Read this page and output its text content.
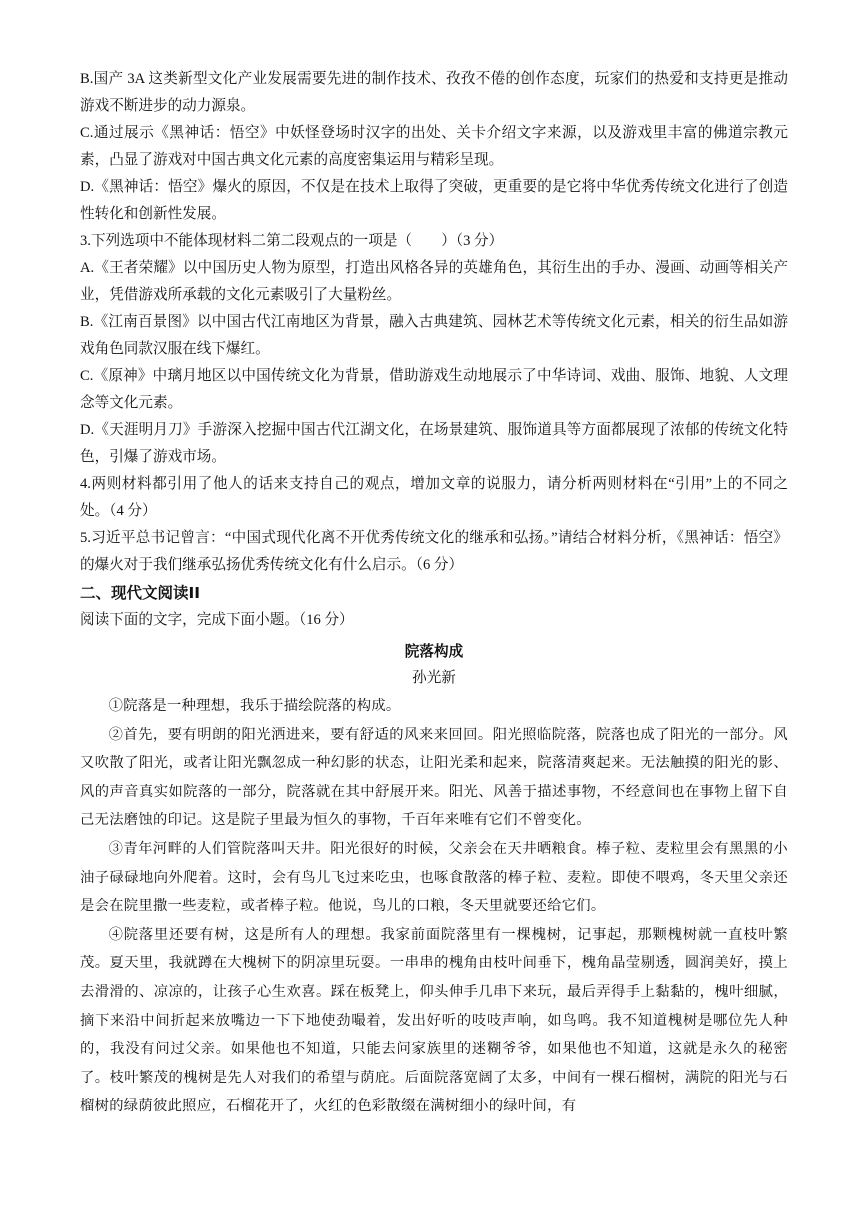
B.国产 3A 这类新型文化产业发展需要先进的制作技术、孜孜不倦的创作态度，玩家们的热爱和支持更是推动游戏不断进步的动力源泉。

C.通过展示《黑神话：悟空》中妖怪登场时汉字的出处、关卡介绍文字来源，以及游戏里丰富的佛道宗教元素，凸显了游戏对中国古典文化元素的高度密集运用与精彩呈现。

D.《黑神话：悟空》爆火的原因，不仅是在技术上取得了突破，更重要的是它将中华优秀传统文化进行了创造性转化和创新性发展。

3.下列选项中不能体现材料二第二段观点的一项是（　　）（3 分）

A.《王者荣耀》以中国历史人物为原型，打造出风格各异的英雄角色，其衍生出的手办、漫画、动画等相关产业，凭借游戏所承载的文化元素吸引了大量粉丝。

B.《江南百景图》以中国古代江南地区为背景，融入古典建筑、园林艺术等传统文化元素，相关的衍生品如游戏角色同款汉服在线下爆红。

C.《原神》中璃月地区以中国传统文化为背景，借助游戏生动地展示了中华诗词、戏曲、服饰、地貌、人文理念等文化元素。

D.《天涯明月刀》手游深入挖掘中国古代江湖文化，在场景建筑、服饰道具等方面都展现了浓郁的传统文化特色，引爆了游戏市场。

4.两则材料都引用了他人的话来支持自己的观点，增加文章的说服力，请分析两则材料在“引用”上的不同之处。（4 分）

5.习近平总书记曾言：“中国式现代化离不开优秀传统文化的继承和弘扬。”请结合材料分析，《黑神话：悟空》的爆火对于我们继承弘扬优秀传统文化有什么启示。（6 分）

二、现代文阅读II

阅读下面的文字，完成下面小题。（16 分）

院落构成

孙光新

①院落是一种理想，我乐于描绘院落的构成。

②首先，要有明朗的阳光洒进来，要有舒适的风来来回回。阳光照临院落，院落也成了阳光的一部分。风又吹散了阳光，或者让阳光飘忽成一种幻影的状态，让阳光柔和起来，院落清爽起来。无法触摸的阳光的影、风的声音真实如院落的一部分，院落就在其中舒展开来。阳光、风善于描述事物，不经意间也在事物上留下自己无法磨蚀的印记。这是院子里最为恒久的事物，千百年来唯有它们不曾变化。

③青年河畔的人们管院落叫天井。阳光很好的时候，父亲会在天井晒粮食。棒子粒、麦粒里会有黑黑的小油子碌碌地向外爬着。这时，会有鸟儿飞过来吃虫，也啄食散落的棒子粒、麦粒。即使不喂鸡，冬天里父亲还是会在院里撒一些麦粒，或者棒子粒。他说，鸟儿的口粮，冬天里就要还给它们。

④院落里还要有树，这是所有人的理想。我家前面院落里有一棵槐树，记事起，那颗槐树就一直枝叶繁茂。夏天里，我就蹲在大槐树下的阴凉里玩耍。一串串的槐角由枝叶间垂下，槐角晶莹剔透，圆润美好，摸上去滑滑的、凉凉的，让孩子心生欢喜。踩在板凳上，仰头伸手几串下来玩，最后弄得手上黏黏的，槐叶细腻，摘下来沿中间折起来放嘴边一下下地使劲嘬着，发出好听的吱吱声响，如鸟鸣。我不知道槐树是哪位先人种的，我没有问过父亲。如果他也不知道，只能去问家族里的迷糊爷爷，如果他也不知道，这就是永久的秘密了。枝叶繁茂的槐树是先人对我们的希望与荫庇。后面院落宽阔了太多，中间有一棵石榴树，满院的阳光与石榴树的绿荫彼此照应，石榴花开了，火红的色彩散缀在满树细小的绿叶间，有
